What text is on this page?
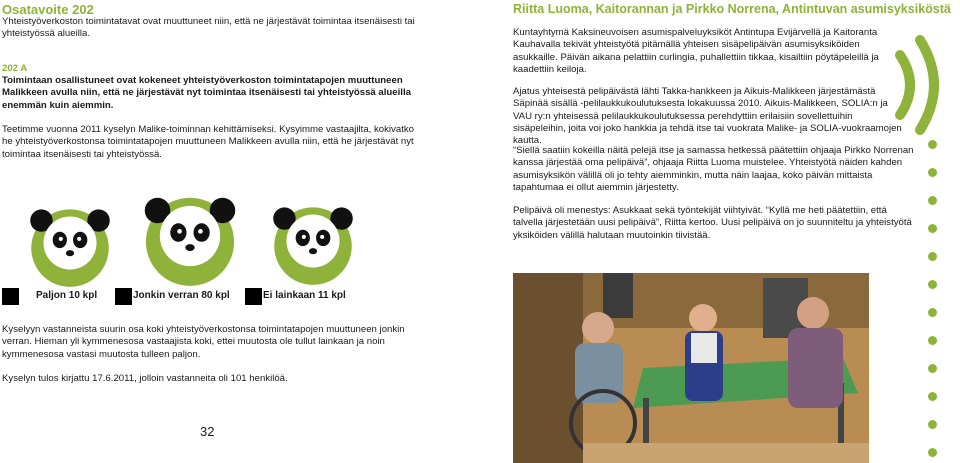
Osatavoite 202
Yhteistyöverkoston toimintatavat ovat muuttuneet niin, että ne järjestävät toimintaa itsenäisesti tai yhteistyössä alueilla.
202 A
Toimintaan osallistuneet ovat kokeneet yhteistyöverkoston toimintatapojen muuttuneen Malikkeen avulla niin, että ne järjestävät nyt toimintaa itsenäisesti tai yhteistyössä alueilla enemmän kuin aiemmin.
Teetimme vuonna 2011 kyselyn Malike-toiminnan kehittämiseksi. Kysyimme vastaajilta, kokivatko he yhteistyöverkostonsa toimintatapojen muuttuneen Malikkeen avulla niin, että he järjestävät nyt toimintaa itsenäisesti tai yhteistyössä.
Paljon 10 kpl	Jonkin verran 80 kpl	Ei lainkaan 11 kpl
Kyselyyn vastanneista suurin osa koki yhteistyöverkostonsa toimintatapojen muuttuneen jonkin verran. Hieman yli kymmenesosa vastaajista koki, ettei muutosta ole tullut lainkaan ja noin kymmenesosa vastasi muutosta tulleen paljon.
Kyselyn tulos kirjattu 17.6.2011, jolloin vastanneita oli 101 henkilöä.
32
Riitta Luoma, Kaitorannan ja Pirkko Norrena, Antintuvan asumisyksiköstä
Kuntayhtymä Kaksineuvoisen asumispalveluyksiköt Antintupa Evijärvellä ja Kaitoranta Kauhavalla tekivät yhteistyötä pitämällä yhteisen sisäpelipäivän asumisyksiköiden asukkaille. Päivän aikana pelattiin curlingia, puhallettiin tikkaa, kisailtiin pöytäpeleillä ja kaadettiin keiloja.
Ajatus yhteisestä pelipäivästä lähti Takka-hankkeen ja Aikuis-Malikkeen järjestämästä Säpinää sisällä -pelilaukkukoulutuksesta lokakuussa 2010. Aikuis-Malikkeen, SOLIA:n ja VAU ry:n yhteisessä pelilaukkukoulutuksessa perehdyttiin erilaisiin sovellettuihin sisäpeleihin, joita voi joko hankkia ja tehdä itse tai vuokrata Malike- ja SOLIA-vuokraamojen kautta.
“Siellä saatiin kokeilla näitä pelejä itse ja samassa hetkessä päätettiin ohjaaja Pirkko Norrenan kanssa järjestää oma pelipäivä”, ohjaaja Riitta Luoma muistelee. Yhteistyötä näiden kahden asumisyksikön välillä oli jo tehty aiemminkin, mutta näin laajaa, koko päivän mittaista tapahtumaa ei ollut aiemmin järjestetty.
Pelipäivä oli menestys: Asukkaat sekä työntekijät viihtyivät. “Kyllä me heti päätettiin, että talvella järjestetään uusi pelipäivä”, Riitta kertoo. Uusi pelipäivä on jo suunniteltu ja yhteistyötä yksiköiden välillä halutaan muutoinkin tiivistää.
